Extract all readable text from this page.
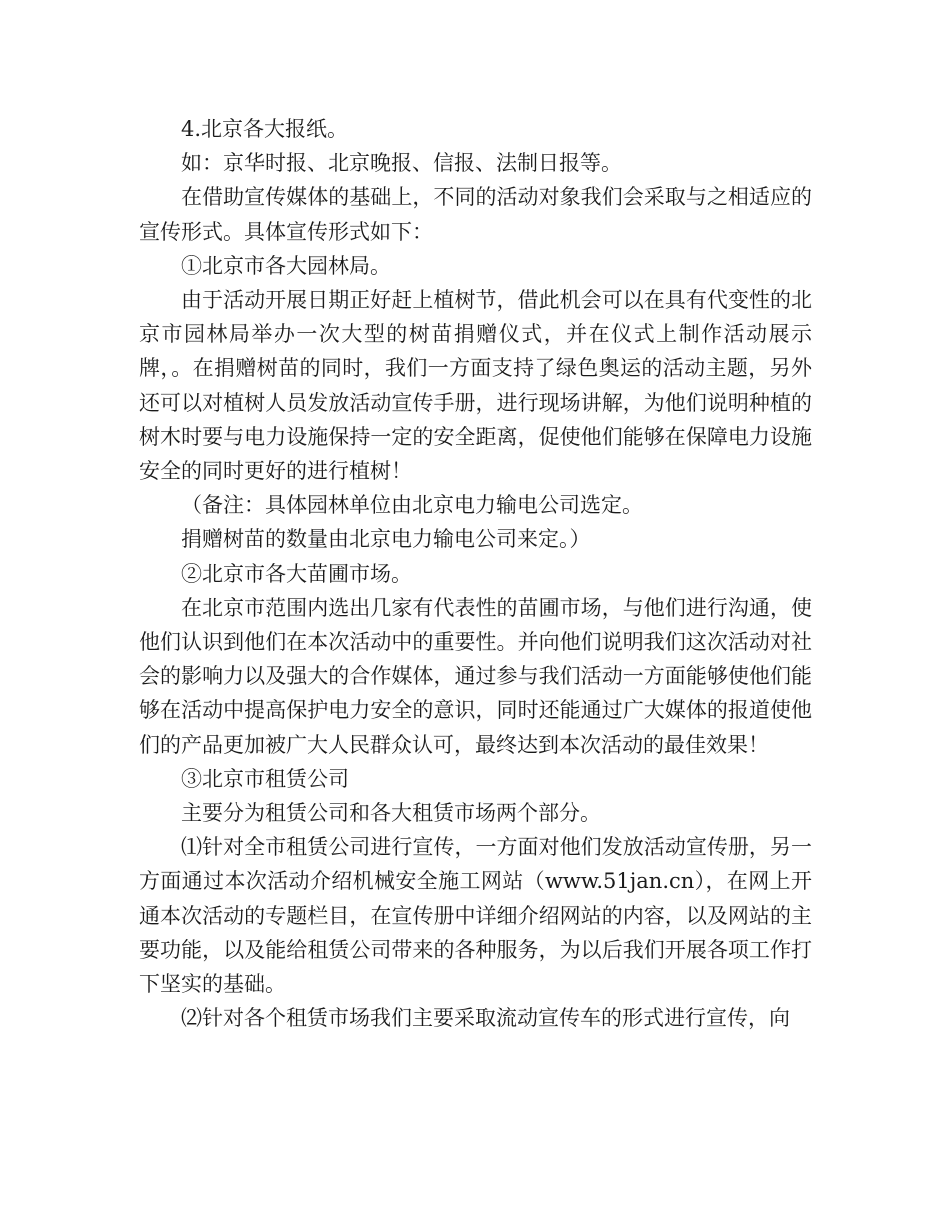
4.北京各大报纸。

如：京华时报、北京晚报、信报、法制日报等。

在借助宣传媒体的基础上，不同的活动对象我们会采取与之相适应的宣传形式。具体宣传形式如下：

①北京市各大园林局。

由于活动开展日期正好赶上植树节，借此机会可以在具有代变性的北京市园林局举办一次大型的树苗捐赠仪式，并在仪式上制作活动展示牌，。在捐赠树苗的同时，我们一方面支持了绿色奥运的活动主题，另外还可以对植树人员发放活动宣传手册，进行现场讲解，为他们说明种植的树木时要与电力设施保持一定的安全距离，促使他们能够在保障电力设施安全的同时更好的进行植树！

（备注：具体园林单位由北京电力输电公司选定。

捐赠树苗的数量由北京电力输电公司来定。）

②北京市各大苗圃市场。

在北京市范围内选出几家有代表性的苗圃市场，与他们进行沟通，使他们认识到他们在本次活动中的重要性。并向他们说明我们这次活动对社会的影响力以及强大的合作媒体，通过参与我们活动一方面能够使他们能够在活动中提高保护电力安全的意识，同时还能通过广大媒体的报道使他们的产品更加被广大人民群众认可，最终达到本次活动的最佳效果！

③北京市租赁公司

主要分为租赁公司和各大租赁市场两个部分。

⑴针对全市租赁公司进行宣传，一方面对他们发放活动宣传册，另一方面通过本次活动介绍机械安全施工网站（www.51jan.cn），在网上开通本次活动的专题栏目，在宣传册中详细介绍网站的内容，以及网站的主要功能，以及能给租赁公司带来的各种服务，为以后我们开展各项工作打下坚实的基础。

⑵针对各个租赁市场我们主要采取流动宣传车的形式进行宣传，向
